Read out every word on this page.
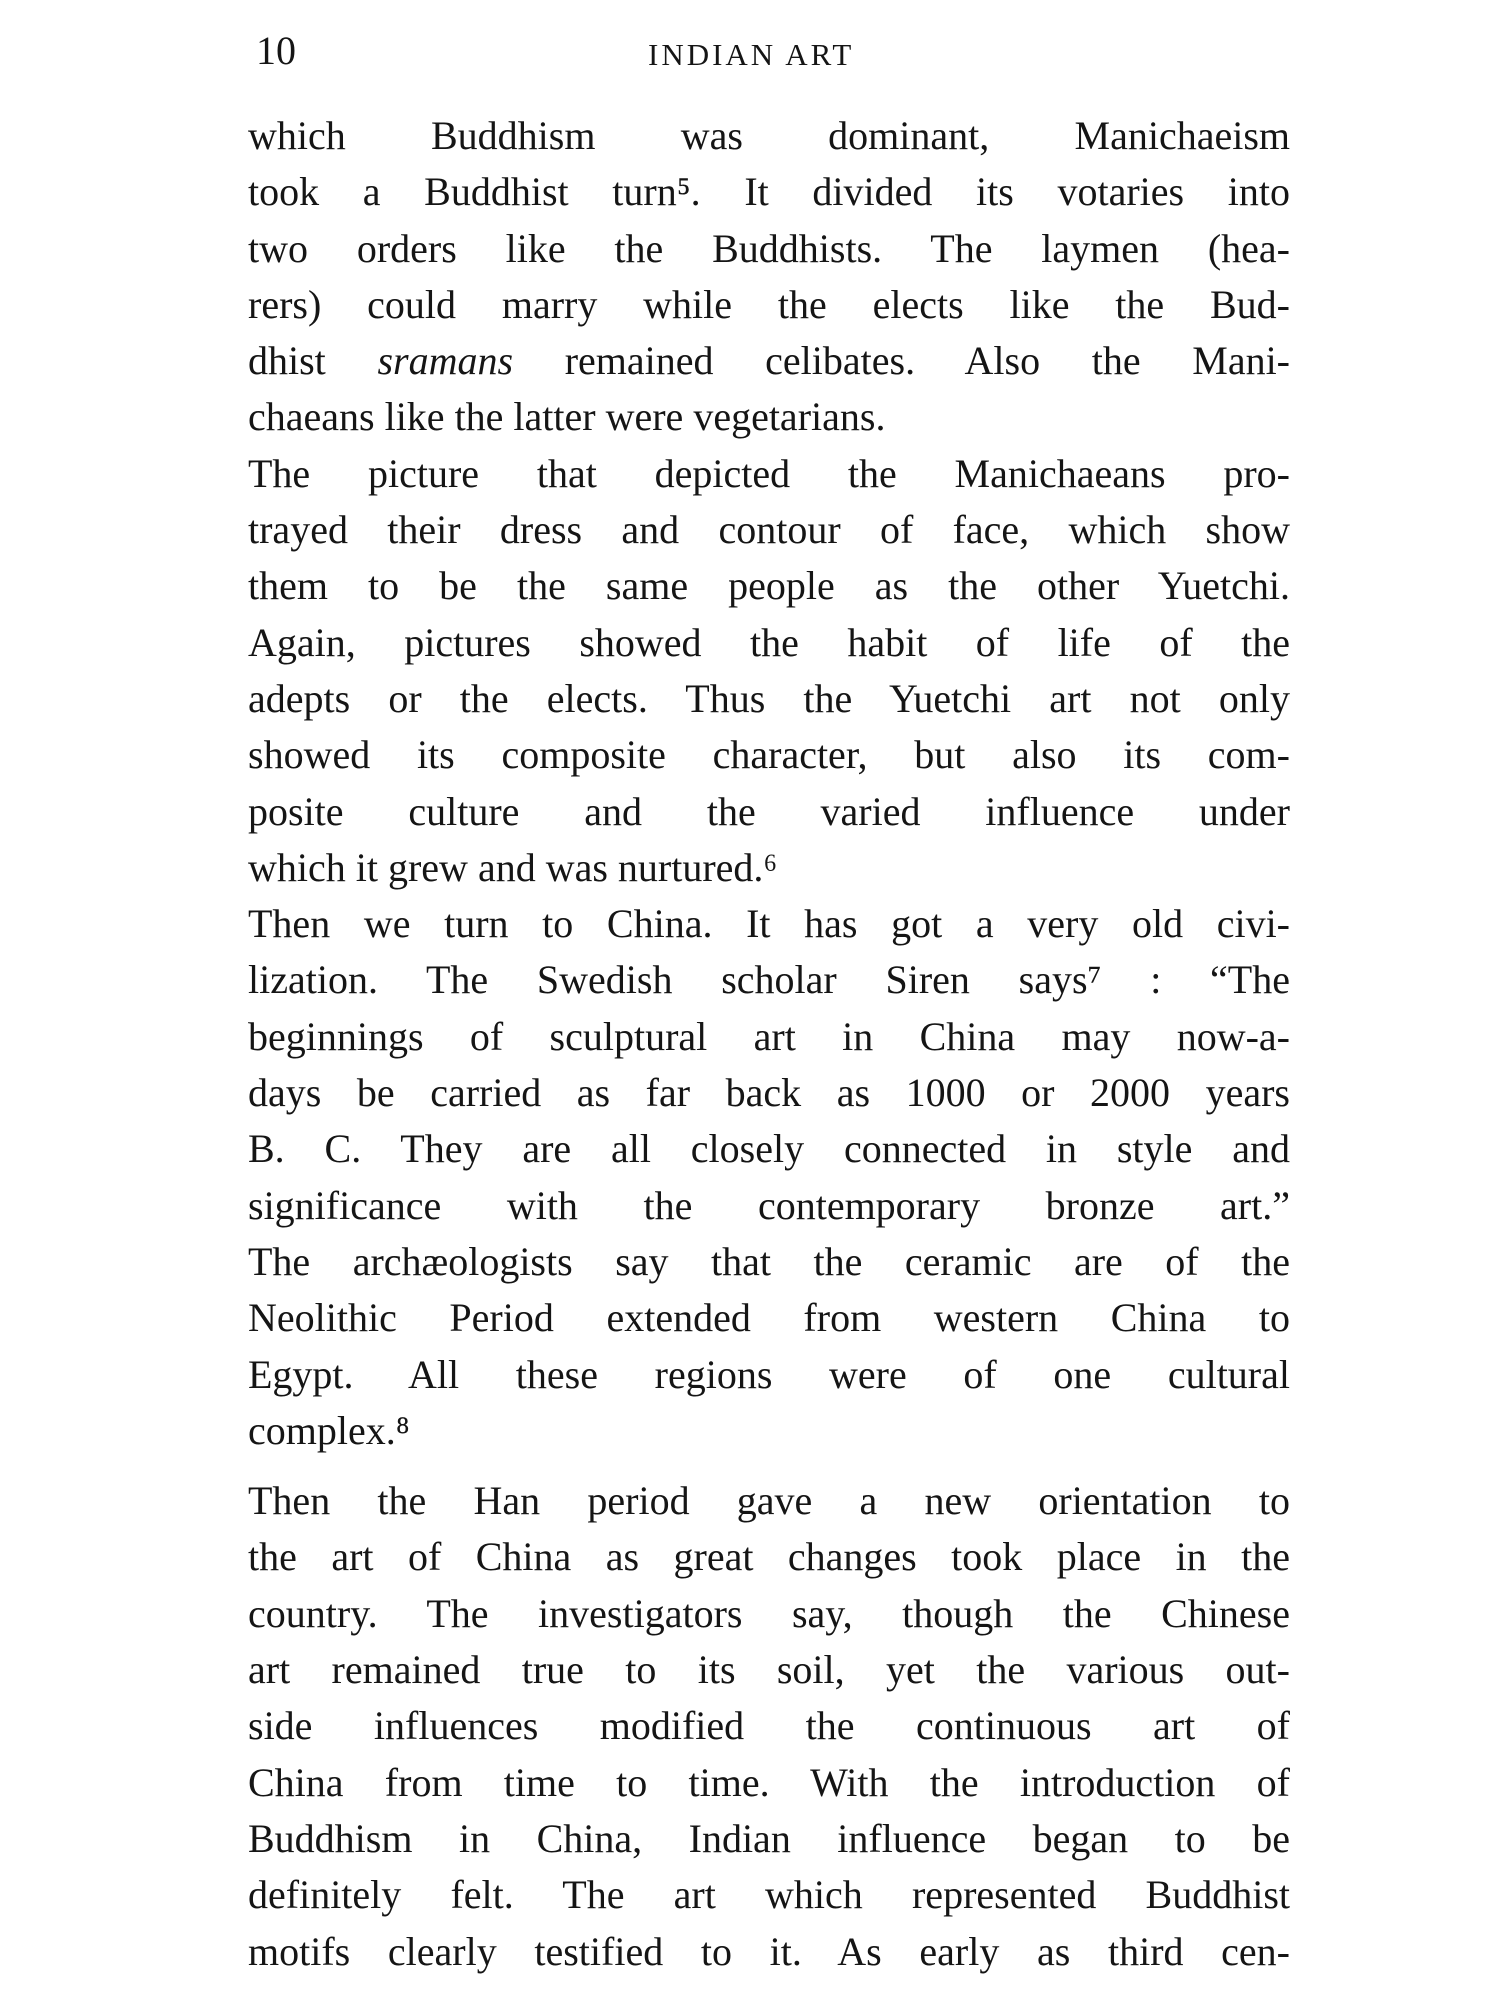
10	INDIAN ART
which Buddhism was dominant, Manichaeism
took a Buddhist turn⁵. It divided its votaries into
two orders like the Buddhists. The laymen (hea-
rers) could marry while the elects like the Bud-
dhist sramans remained celibates. Also the Mani-
chaeans like the latter were vegetarians.
The picture that depicted the Manichaeans pro-
trayed their dress and contour of face, which show
them to be the same people as the other Yuetchi.
Again, pictures showed the habit of life of the
adepts or the elects. Thus the Yuetchi art not only
showed its composite character, but also its com-
posite culture and the varied influence under
which it grew and was nurtured.⁶
Then we turn to China. It has got a very old civi-
lization. The Swedish scholar Siren says⁷ : “The
beginnings of sculptural art in China may now-a-
days be carried as far back as 1000 or 2000 years
B. C. They are all closely connected in style and
significance with the contemporary bronze art.”
The archæologists say that the ceramic are of the
Neolithic Period extended from western China to
Egypt. All these regions were of one cultural
complex.⁸
Then the Han period gave a new orientation to
the art of China as great changes took place in the
country. The investigators say, though the Chinese
art remained true to its soil, yet the various out-
side influences modified the continuous art of
China from time to time. With the introduction of
Buddhism in China, Indian influence began to be
definitely felt. The art which represented Buddhist
motifs clearly testified to it. As early as third cen-
